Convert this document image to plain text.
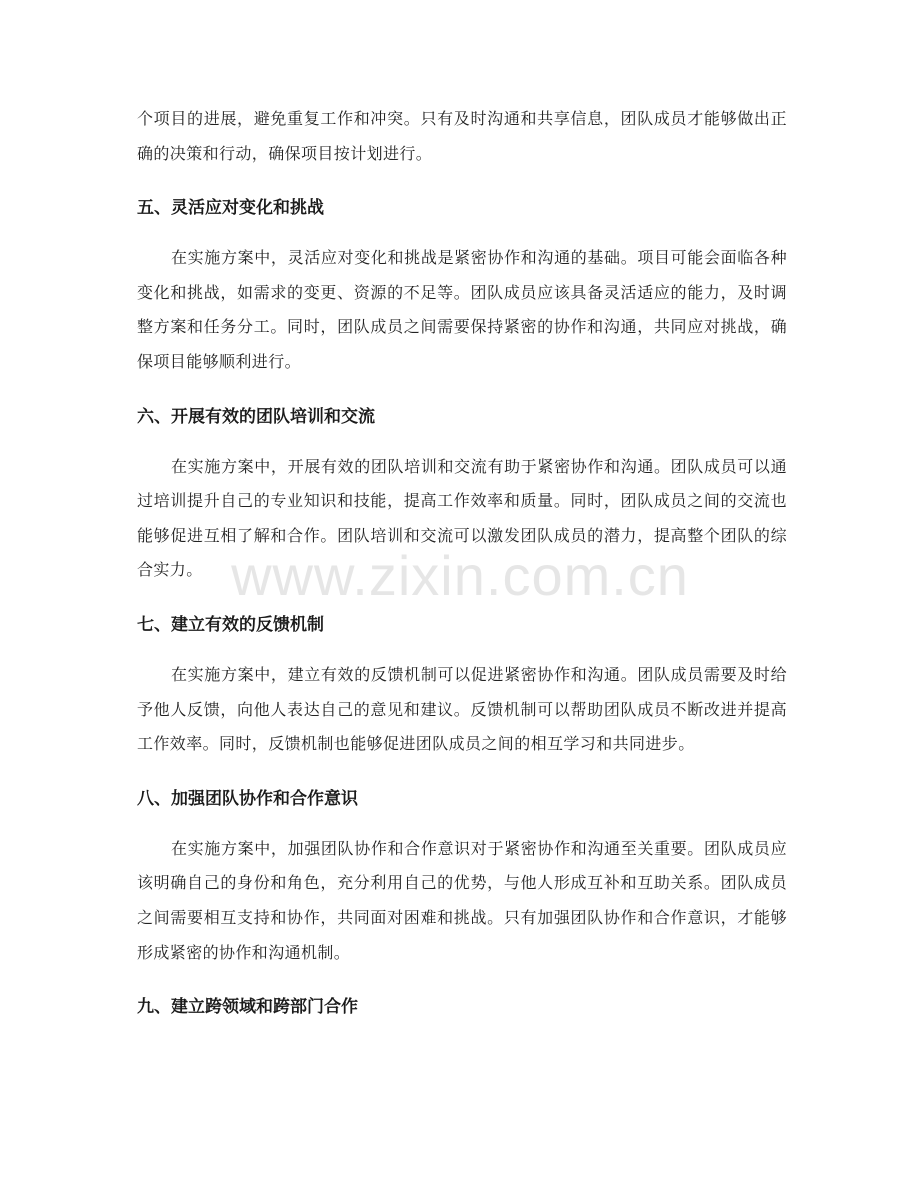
个项目的进展，避免重复工作和冲突。只有及时沟通和共享信息，团队成员才能够做出正确的决策和行动，确保项目按计划进行。

五、灵活应对变化和挑战

在实施方案中，灵活应对变化和挑战是紧密协作和沟通的基础。项目可能会面临各种变化和挑战，如需求的变更、资源的不足等。团队成员应该具备灵活适应的能力，及时调整方案和任务分工。同时，团队成员之间需要保持紧密的协作和沟通，共同应对挑战，确保项目能够顺利进行。

六、开展有效的团队培训和交流

在实施方案中，开展有效的团队培训和交流有助于紧密协作和沟通。团队成员可以通过培训提升自己的专业知识和技能，提高工作效率和质量。同时，团队成员之间的交流也能够促进互相了解和合作。团队培训和交流可以激发团队成员的潜力，提高整个团队的综合实力。

七、建立有效的反馈机制

在实施方案中，建立有效的反馈机制可以促进紧密协作和沟通。团队成员需要及时给予他人反馈，向他人表达自己的意见和建议。反馈机制可以帮助团队成员不断改进并提高工作效率。同时，反馈机制也能够促进团队成员之间的相互学习和共同进步。

八、加强团队协作和合作意识

在实施方案中，加强团队协作和合作意识对于紧密协作和沟通至关重要。团队成员应该明确自己的身份和角色，充分利用自己的优势，与他人形成互补和互助关系。团队成员之间需要相互支持和协作，共同面对困难和挑战。只有加强团队协作和合作意识，才能够形成紧密的协作和沟通机制。

九、建立跨领域和跨部门合作
www.zixin.com.cn
